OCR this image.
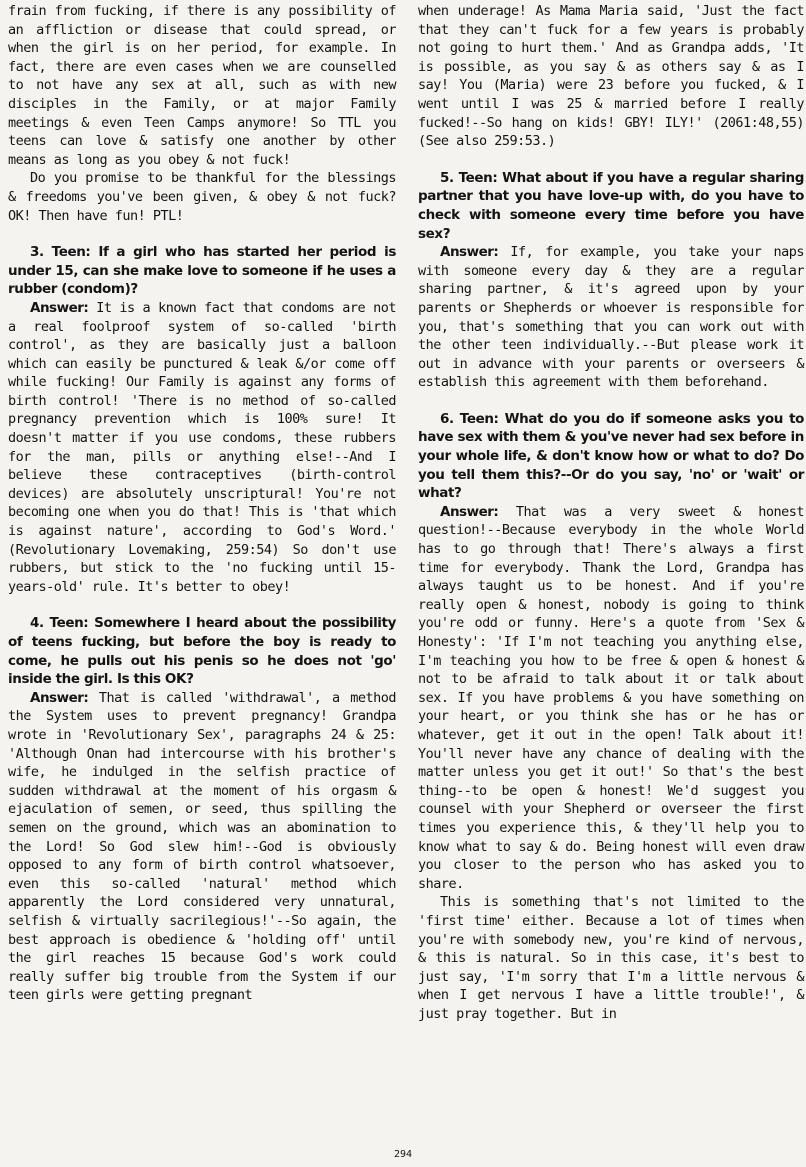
frain from fucking, if there is any possibility of an affliction or disease that could spread, or when the girl is on her period, for example. In fact, there are even cases when we are counselled to not have any sex at all, such as with new disciples in the Family, or at major Family meetings & even Teen Camps anymore! So TTL you teens can love & satisfy one another by other means as long as you obey & not fuck!

Do you promise to be thankful for the blessings & freedoms you've been given, & obey & not fuck? OK! Then have fun! PTL!

3. Teen: If a girl who has started her period is under 15, can she make love to someone if he uses a rubber (condom)?

Answer: It is a known fact that condoms are not a real foolproof system of so-called 'birth control', as they are basically just a balloon which can easily be punctured & leak &/or come off while fucking! Our Family is against any forms of birth control! 'There is no method of so-called pregnancy prevention which is 100% sure! It doesn't matter if you use condoms, these rubbers for the man, pills or anything else!--And I believe these contraceptives (birth-control devices) are absolutely unscriptural! You're not becoming one when you do that! This is 'that which is against nature', according to God's Word.' (Revolutionary Lovemaking, 259:54) So don't use rubbers, but stick to the 'no fucking until 15-years-old' rule. It's better to obey!

4. Teen: Somewhere I heard about the possibility of teens fucking, but before the boy is ready to come, he pulls out his penis so he does not 'go' inside the girl. Is this OK?

Answer: That is called 'withdrawal', a method the System uses to prevent pregnancy! Grandpa wrote in 'Revolutionary Sex', paragraphs 24 & 25: 'Although Onan had intercourse with his brother's wife, he indulged in the selfish practice of sudden withdrawal at the moment of his orgasm & ejaculation of semen, or seed, thus spilling the semen on the ground, which was an abomination to the Lord! So God slew him!--God is obviously opposed to any form of birth control whatsoever, even this so-called 'natural' method which apparently the Lord considered very unnatural, selfish & virtually sacrilegious!'--So again, the best approach is obedience & 'holding off' until the girl reaches 15 because God's work could really suffer big trouble from the System if our teen girls were getting pregnant

when underage! As Mama Maria said, 'Just the fact that they can't fuck for a few years is probably not going to hurt them.' And as Grandpa adds, 'It is possible, as you say & as others say & as I say! You (Maria) were 23 before you fucked, & I went until I was 25 & married before I really fucked!--So hang on kids! GBY! ILY!' (2061:48,55) (See also 259:53.)

5. Teen: What about if you have a regular sharing partner that you have love-up with, do you have to check with someone every time before you have sex?

Answer: If, for example, you take your naps with someone every day & they are a regular sharing partner, & it's agreed upon by your parents or Shepherds or whoever is responsible for you, that's something that you can work out with the other teen individually.--But please work it out in advance with your parents or overseers & establish this agreement with them beforehand.

6. Teen: What do you do if someone asks you to have sex with them & you've never had sex before in your whole life, & don't know how or what to do? Do you tell them this?--Or do you say, 'no' or 'wait' or what?

Answer: That was a very sweet & honest question!--Because everybody in the whole World has to go through that! There's always a first time for everybody. Thank the Lord, Grandpa has always taught us to be honest. And if you're really open & honest, nobody is going to think you're odd or funny. Here's a quote from 'Sex & Honesty': 'If I'm not teaching you anything else, I'm teaching you how to be free & open & honest & not to be afraid to talk about it or talk about sex. If you have problems & you have something on your heart, or you think she has or he has or whatever, get it out in the open! Talk about it! You'll never have any chance of dealing with the matter unless you get it out!' So that's the best thing--to be open & honest! We'd suggest you counsel with your Shepherd or overseer the first times you experience this, & they'll help you to know what to say & do. Being honest will even draw you closer to the person who has asked you to share.

This is something that's not limited to the 'first time' either. Because a lot of times when you're with somebody new, you're kind of nervous, & this is natural. So in this case, it's best to just say, 'I'm sorry that I'm a little nervous & when I get nervous I have a little trouble!', & just pray together. But in

294
